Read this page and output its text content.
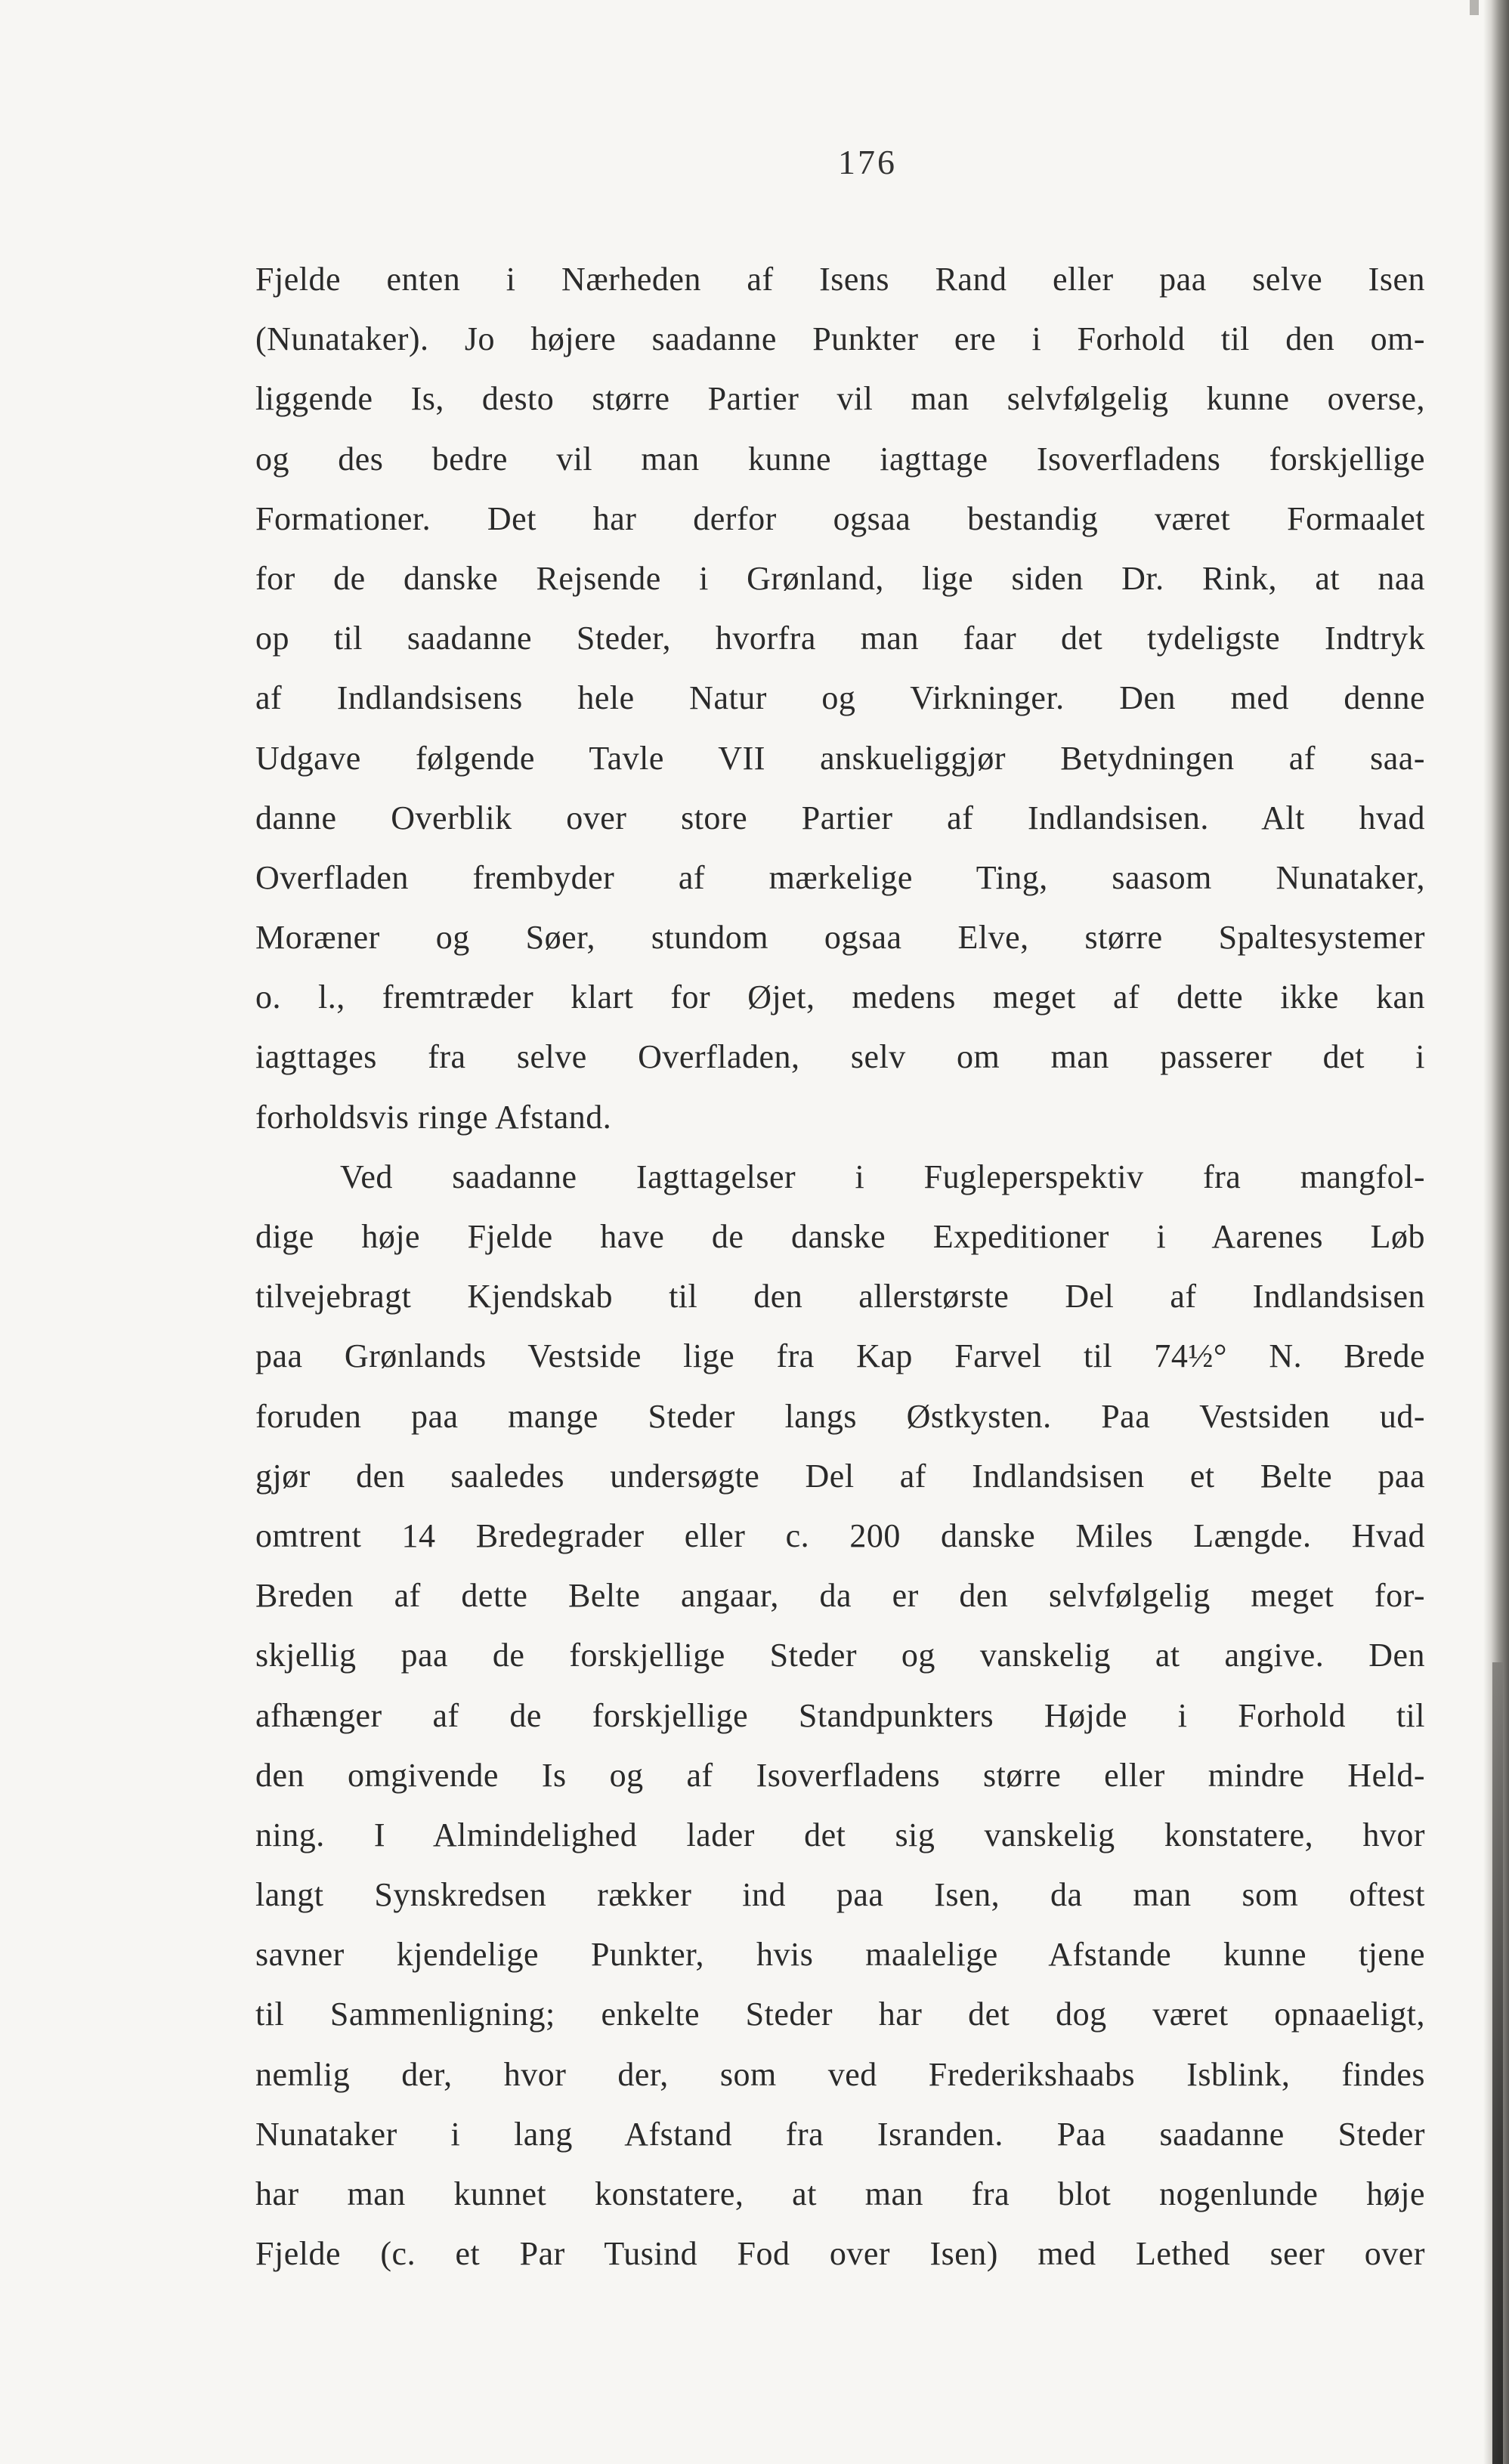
176
Fjelde enten i Nærheden af Isens Rand eller paa selve Isen
(Nunataker). Jo højere saadanne Punkter ere i Forhold til den om-
liggende Is, desto større Partier vil man selvfølgelig kunne overse,
og des bedre vil man kunne iagttage Isoverfladens forskjellige
Formationer. Det har derfor ogsaa bestandig været Formaalet
for de danske Rejsende i Grønland, lige siden Dr. Rink, at naa
op til saadanne Steder, hvorfra man faar det tydeligste Indtryk
af Indlandsisens hele Natur og Virkninger. Den med denne
Udgave følgende Tavle VII anskueliggjør Betydningen af saa-
danne Overblik over store Partier af Indlandsisen. Alt hvad
Overfladen frembyder af mærkelige Ting, saasom Nunataker,
Moræner og Søer, stundom ogsaa Elve, større Spaltesystemer
o. l., fremtræder klart for Øjet, medens meget af dette ikke kan
iagttages fra selve Overfladen, selv om man passerer det i
forholdsvis ringe Afstand.
Ved saadanne Iagttagelser i Fugleperspektiv fra mangfol-
dige høje Fjelde have de danske Expeditioner i Aarenes Løb
tilvejebragt Kjendskab til den allerstørste Del af Indlandsisen
paa Grønlands Vestside lige fra Kap Farvel til 74½° N. Brede
foruden paa mange Steder langs Østkysten. Paa Vestsiden ud-
gjør den saaledes undersøgte Del af Indlandsisen et Belte paa
omtrent 14 Bredegrader eller c. 200 danske Miles Længde. Hvad
Breden af dette Belte angaar, da er den selvfølgelig meget for-
skjellig paa de forskjellige Steder og vanskelig at angive. Den
afhænger af de forskjellige Standpunkters Højde i Forhold til
den omgivende Is og af Isoverfladens større eller mindre Held-
ning. I Almindelighed lader det sig vanskelig konstatere, hvor
langt Synskredsen rækker ind paa Isen, da man som oftest
savner kjendelige Punkter, hvis maalelige Afstande kunne tjene
til Sammenligning; enkelte Steder har det dog været opnaaeligt,
nemlig der, hvor der, som ved Frederikshaabs Isblink, findes
Nunataker i lang Afstand fra Isranden. Paa saadanne Steder
har man kunnet konstatere, at man fra blot nogenlunde høje
Fjelde (c. et Par Tusind Fod over Isen) med Lethed seer over
